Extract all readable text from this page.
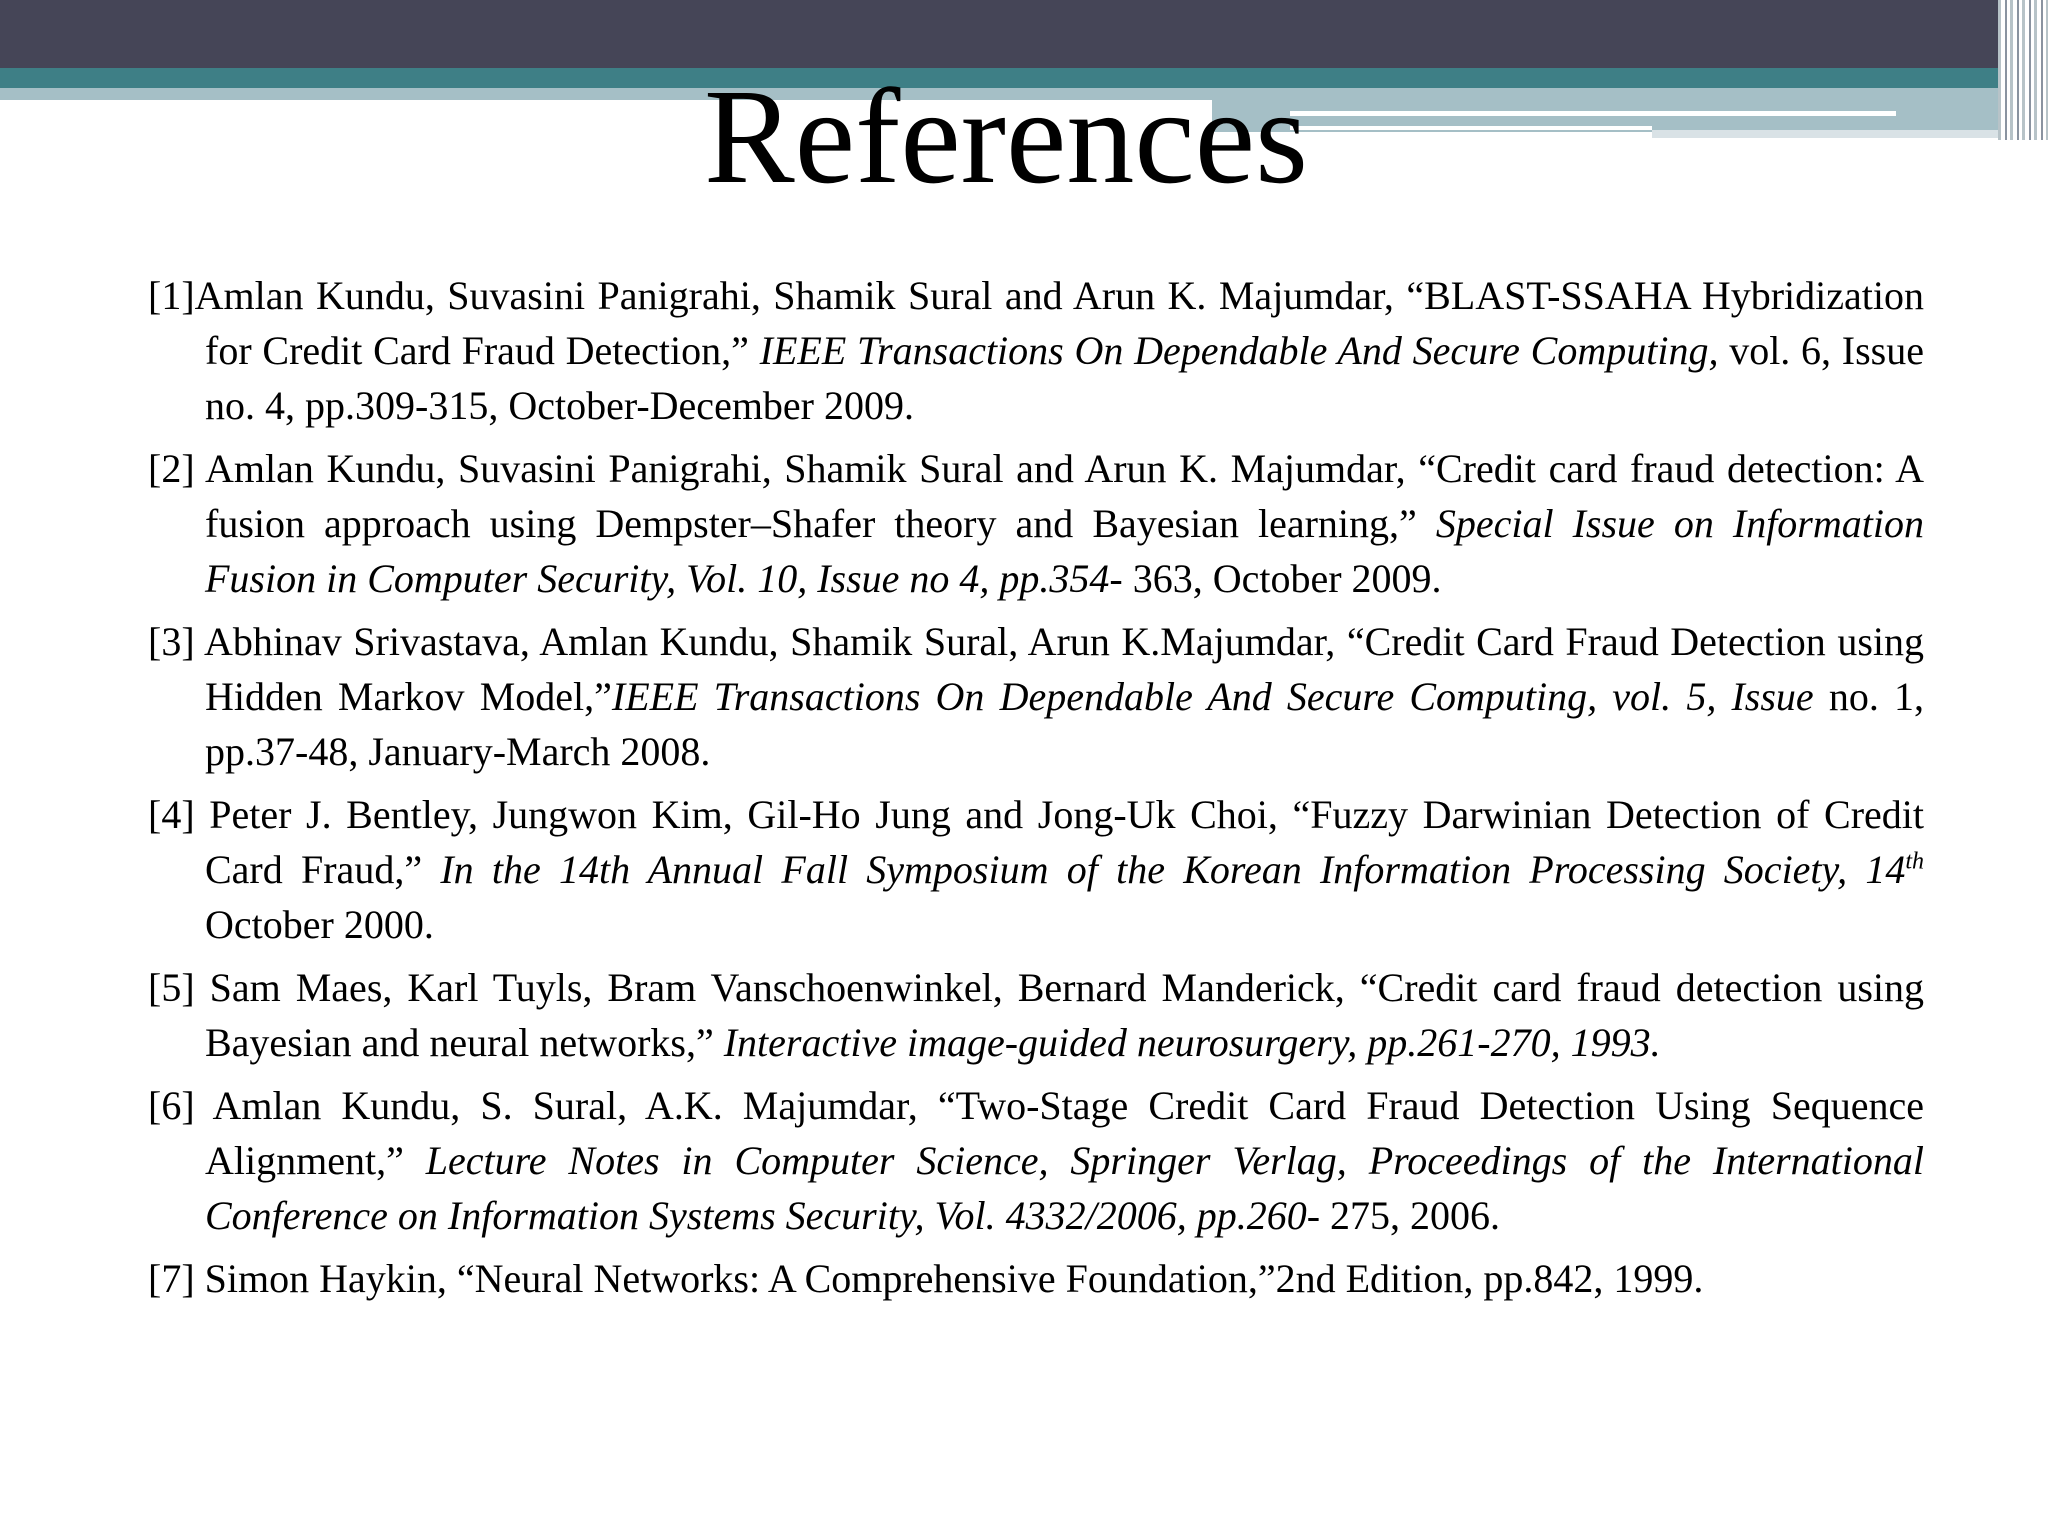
References

[1]Amlan Kundu, Suvasini Panigrahi, Shamik Sural and Arun K. Majumdar, “BLAST-SSAHA Hybridization for Credit Card Fraud Detection,” IEEE Transactions On Dependable And Secure Computing, vol. 6, Issue no. 4, pp.309-315, October-December 2009.

[2] Amlan Kundu, Suvasini Panigrahi, Shamik Sural and Arun K. Majumdar, “Credit card fraud detection: A fusion approach using Dempster–Shafer theory and Bayesian learning,” Special Issue on Information Fusion in Computer Security, Vol. 10, Issue no 4, pp.354- 363, October 2009.

[3] Abhinav Srivastava, Amlan Kundu, Shamik Sural, Arun K.Majumdar, “Credit Card Fraud Detection using Hidden Markov Model,”IEEE Transactions On Dependable And Secure Computing, vol. 5, Issue no. 1, pp.37-48, January-March 2008.

[4] Peter J. Bentley, Jungwon Kim, Gil-Ho Jung and Jong-Uk Choi, “Fuzzy Darwinian Detection of Credit Card Fraud,” In the 14th Annual Fall Symposium of the Korean Information Processing Society, 14th October 2000.

[5] Sam Maes, Karl Tuyls, Bram Vanschoenwinkel, Bernard Manderick, “Credit card fraud detection using Bayesian and neural networks,” Interactive image-guided neurosurgery, pp.261-270, 1993.

[6] Amlan Kundu, S. Sural, A.K. Majumdar, “Two-Stage Credit Card Fraud Detection Using Sequence Alignment,” Lecture Notes in Computer Science, Springer Verlag, Proceedings of the International Conference on Information Systems Security, Vol. 4332/2006, pp.260- 275, 2006.

[7] Simon Haykin, “Neural Networks: A Comprehensive Foundation,”2nd Edition, pp.842, 1999.
